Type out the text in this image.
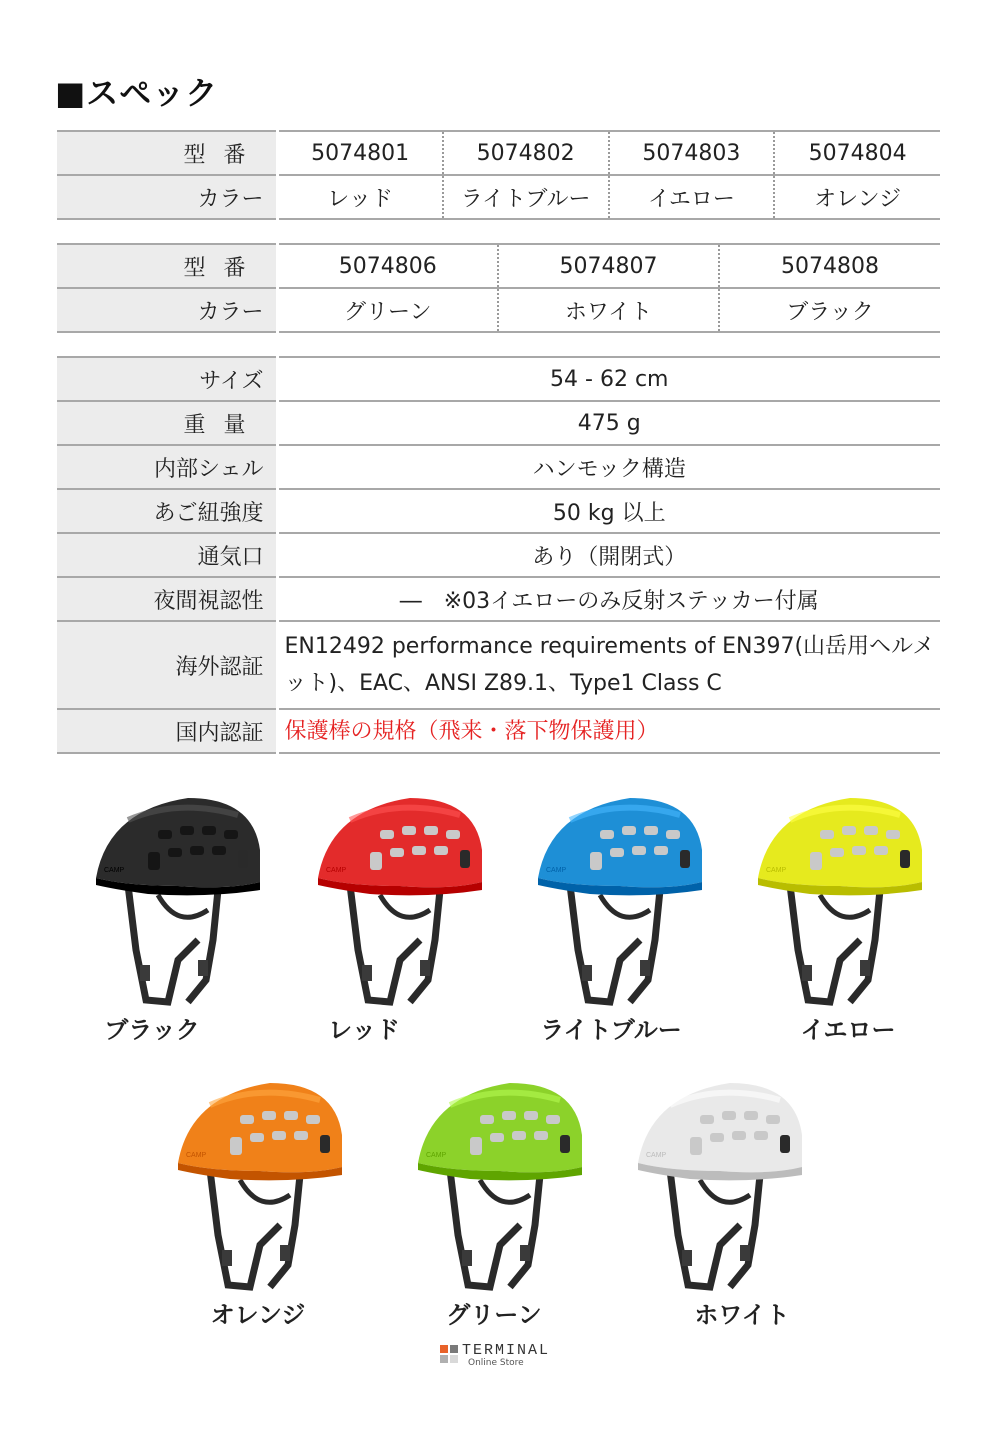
■スペック
型番	5074801	5074802	5074803	5074804
カラー	レッド	ライトブルー	イエロー	オレンジ
型番	5074806	5074807	5074808
カラー	グリーン	ホワイト	ブラック
サイズ	54 - 62 cm
重量	475 g
内部シェル	ハンモック構造
あご紐強度	50 kg 以上
通気口	あり（開閉式）
夜間視認性	―　※03イエローのみ反射ステッカー付属
海外認証	EN12492 performance requirements of EN397(山岳用ヘルメット)、EAC、ANSI Z89.1、Type1 Class C
国内認証	保護棒の規格（飛来・落下物保護用）
CAMP
ブラック
CAMP
レッド
CAMP
ライトブルー
CAMP
イエロー
CAMP
オレンジ
CAMP
グリーン
CAMP
ホワイト
TERMINAL
Online Store
